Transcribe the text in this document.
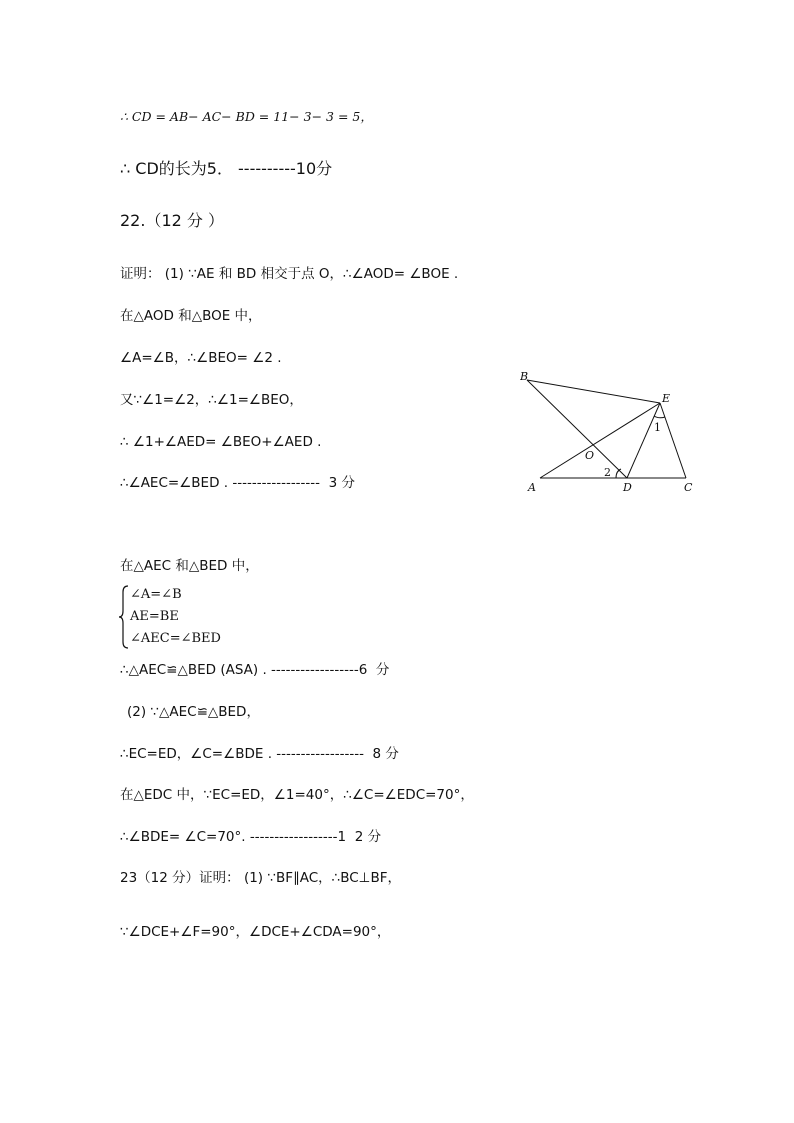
∴ CD = AB− AC− BD = 11− 3− 3 = 5，
∴ CD的长为5． ----------10分
22.（12 分 ）
证明： (1) ∵AE 和 BD 相交于点 O，∴∠AOD= ∠BOE .
在△AOD 和△BOE 中，
∠A=∠B，∴∠BEO= ∠2 .
又∵∠1=∠2，∴∠1=∠BEO，
∴ ∠1+∠AED= ∠BEO+∠AED .
∴∠AEC=∠BED . ------------------  3 分
在△AEC 和△BED 中，
∠A=∠B
AE=BE
∠AEC=∠BED
∴△AEC≌△BED (ASA) . ------------------6  分
(2) ∵△AEC≌△BED，
∴EC=ED，∠C=∠BDE . ------------------  8 分
在△EDC 中，∵EC=ED，∠1=40°，∴∠C=∠EDC=70°，
∴∠BDE= ∠C=70°. ------------------1  2 分
23（12 分）证明： (1) ∵BF∥AC，∴BC⊥BF，
∵∠DCE+∠F=90°，∠DCE+∠CDA=90°，
B
E
O
A	D	C
1
2
